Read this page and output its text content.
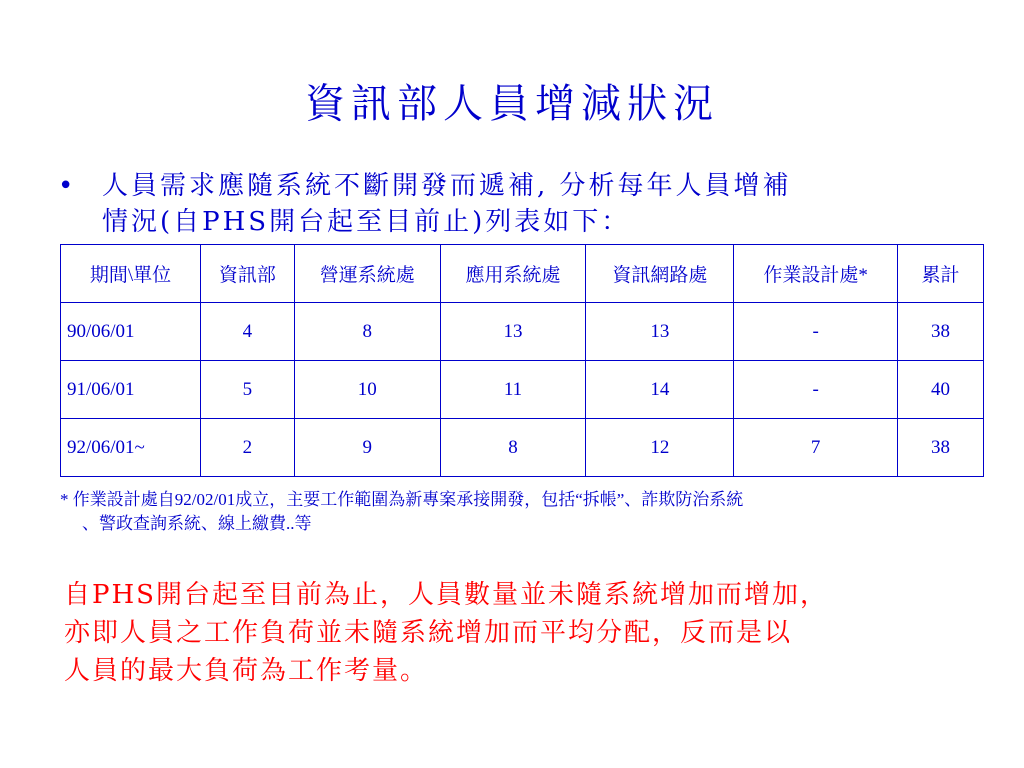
資訊部人員增減狀況
• 人員需求應隨系統不斷開發而遞補, 分析每年人員增補
情況(自PHS開台起至目前止)列表如下：
期間\單位	資訊部	營運系統處	應用系統處	資訊網路處	作業設計處*	累計
90/06/01	4	8	13	13	-	38
91/06/01	5	10	11	14	-	40
92/06/01~	2	9	8	12	7	38
* 作業設計處自92/02/01成立，主要工作範圍為新專案承接開發，包括“拆帳”、詐欺防治系統
、警政查詢系統、線上繳費..等
自PHS開台起至目前為止，人員數量並未隨系統增加而增加，
亦即人員之工作負荷並未隨系統增加而平均分配，反而是以
人員的最大負荷為工作考量。
